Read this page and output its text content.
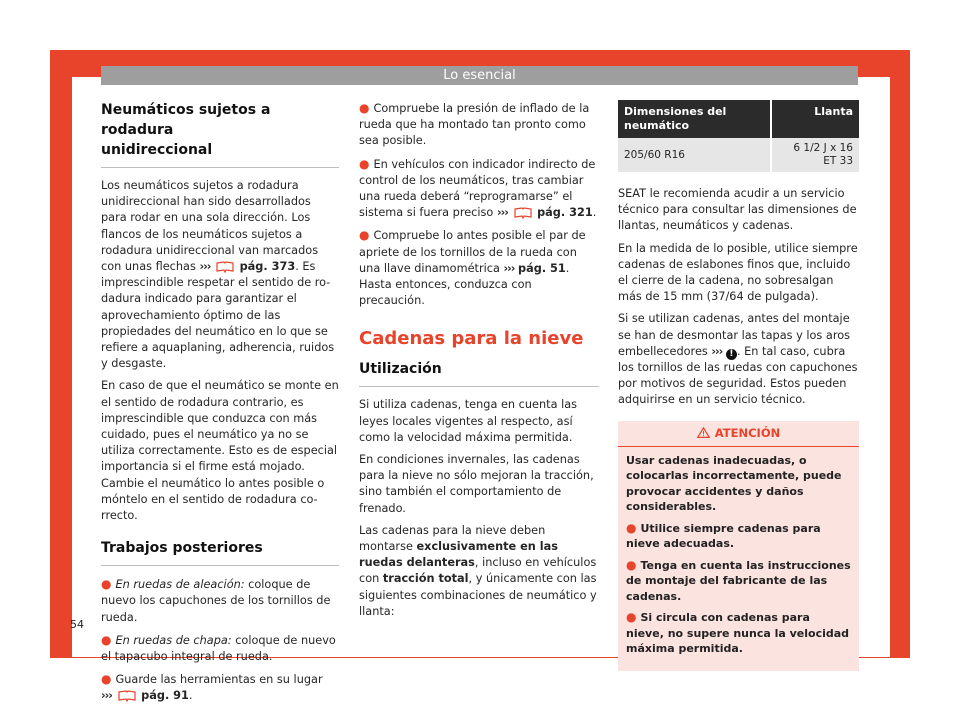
Lo esencial
Neumáticos sujetos a rodadura
unidireccional

Los neumáticos sujetos a rodadura unidireccional han sido desarrollados para rodar en una sola dirección. Los flancos de los neumáticos sujetos a rodadura unidireccional van marcados con unas flechas ›››	pág. 373. Es imprescindible respetar el sentido de rodadura indicado para garantizar el aprovechamiento óptimo de las propiedades del neumático en lo que se refiere a aquaplaning, adherencia, ruidos y desgaste.

En caso de que el neumático se monte en el sentido de rodadura contrario, es imprescindible que conduzca con más cuidado, pues el neumático ya no se utiliza correctamente. Esto es de especial importancia si el firme está mojado. Cambie el neumático lo antes posible o móntelo en el sentido de rodadura correcto.

Trabajos posteriores

● En ruedas de aleación: coloque de nuevo los capuchones de los tornillos de rueda.

● En ruedas de chapa: coloque de nuevo el tapacubo integral de rueda.

● Guarde las herramientas en su lugar
›››	pág. 91.

● Compruebe la presión de inflado de la rueda que ha montado tan pronto como sea posible.

● En vehículos con indicador indirecto de control de los neumáticos, tras cambiar una rueda deberá “reprogramarse” el sistema si fuera preciso ›››	pág. 321.

● Compruebe lo antes posible el par de apriete de los tornillos de la rueda con una llave dinamométrica ››› pág. 51. Hasta entonces, conduzca con precaución.

Cadenas para la nieve
Utilización

Si utiliza cadenas, tenga en cuenta las leyes locales vigentes al respecto, así como la velocidad máxima permitida.

En condiciones invernales, las cadenas para la nieve no sólo mejoran la tracción, sino también el comportamiento de frenado.

Las cadenas para la nieve deben montarse exclusivamente en las ruedas delanteras, incluso en vehículos con tracción total, y únicamente con las siguientes combinaciones de neumático y llanta:

Dimensiones del neumático	Llanta
205/60 R16	6 1/2 J x 16 ET 33

SEAT le recomienda acudir a un servicio técnico para consultar las dimensiones de llantas, neumáticos y cadenas.

En la medida de lo posible, utilice siempre cadenas de eslabones finos que, incluido el cierre de la cadena, no sobresalgan más de 15 mm (37/64 de pulgada).

Si se utilizan cadenas, antes del montaje se han de desmontar las tapas y los aros embellecedores ››› ! . En tal caso, cubra los tornillos de las ruedas con capuchones por motivos de seguridad. Estos pueden adquirirse en un servicio técnico.

ATENCIÓN

Usar cadenas inadecuadas, o colocarlas incorrectamente, puede provocar accidentes y daños considerables.

● Utilice siempre cadenas para nieve adecuadas.

● Tenga en cuenta las instrucciones de montaje del fabricante de las cadenas.

● Si circula con cadenas para nieve, no supere nunca la velocidad máxima permitida.

54
